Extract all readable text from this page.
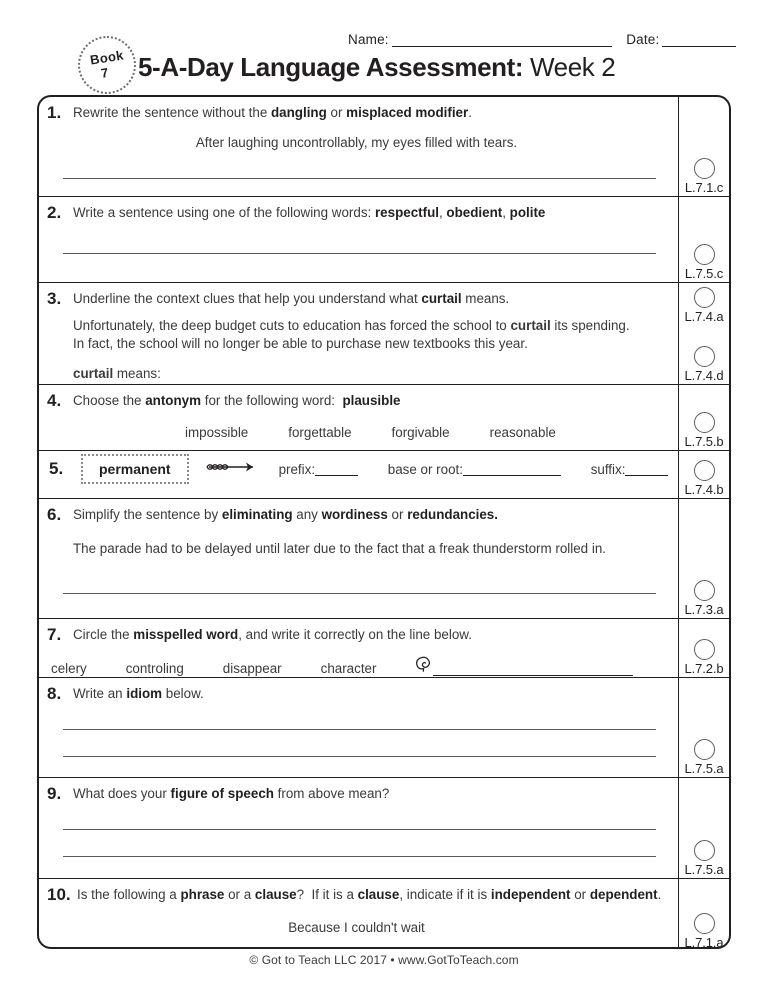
Name:	Date:
Book
7 5-A-Day Language Assessment: Week 2
1. Rewrite the sentence without the dangling or misplaced modifier.
After laughing uncontrollably, my eyes filled with tears.
L.7.1.c
2. Write a sentence using one of the following words: respectful, obedient, polite
L.7.5.c
3. Underline the context clues that help you understand what curtail means.
Unfortunately, the deep budget cuts to education has forced the school to curtail its spending.
In fact, the school will no longer be able to purchase new textbooks this year.
curtail means:
L.7.4.a
L.7.4.d
4. Choose the antonym for the following word:  plausible
impossible	forgettable	forgivable	reasonable
L.7.5.b
5.	permanent	prefix:	base or root:	suffix:
L.7.4.b
6. Simplify the sentence by eliminating any wordiness or redundancies.
The parade had to be delayed until later due to the fact that a freak thunderstorm rolled in.
L.7.3.a
7. Circle the misspelled word, and write it correctly on the line below.
celery	controling	disappear	character	L.7.2.b
8. Write an idiom below.
L.7.5.a
9. What does your figure of speech from above mean?
L.7.5.a
10. Is the following a phrase or a clause?  If it is a clause, indicate if it is independent or dependent.
Because I couldn't wait
L.7.1.a
© Got to Teach LLC 2017 • www.GotToTeach.com
